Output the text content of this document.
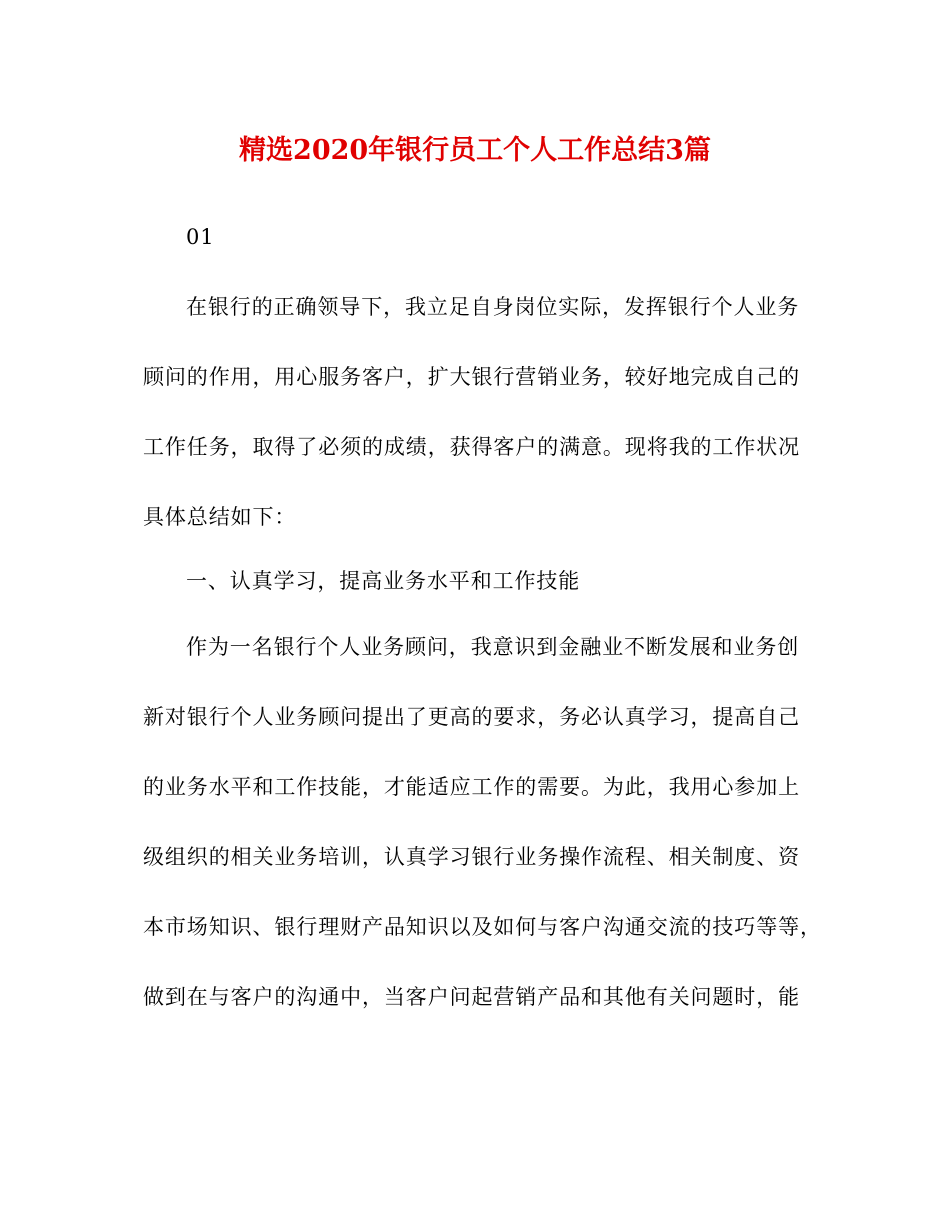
精选2020年银行员工个人工作总结3篇
01
在银行的正确领导下，我立足自身岗位实际，发挥银行个人业务
顾问的作用，用心服务客户，扩大银行营销业务，较好地完成自己的
工作任务，取得了必须的成绩，获得客户的满意。现将我的工作状况
具体总结如下：
一、认真学习，提高业务水平和工作技能
作为一名银行个人业务顾问，我意识到金融业不断发展和业务创
新对银行个人业务顾问提出了更高的要求，务必认真学习，提高自己
的业务水平和工作技能，才能适应工作的需要。为此，我用心参加上
级组织的相关业务培训，认真学习银行业务操作流程、相关制度、资
本市场知识、银行理财产品知识以及如何与客户沟通交流的技巧等等，
做到在与客户的沟通中，当客户问起营销产品和其他有关问题时，能
